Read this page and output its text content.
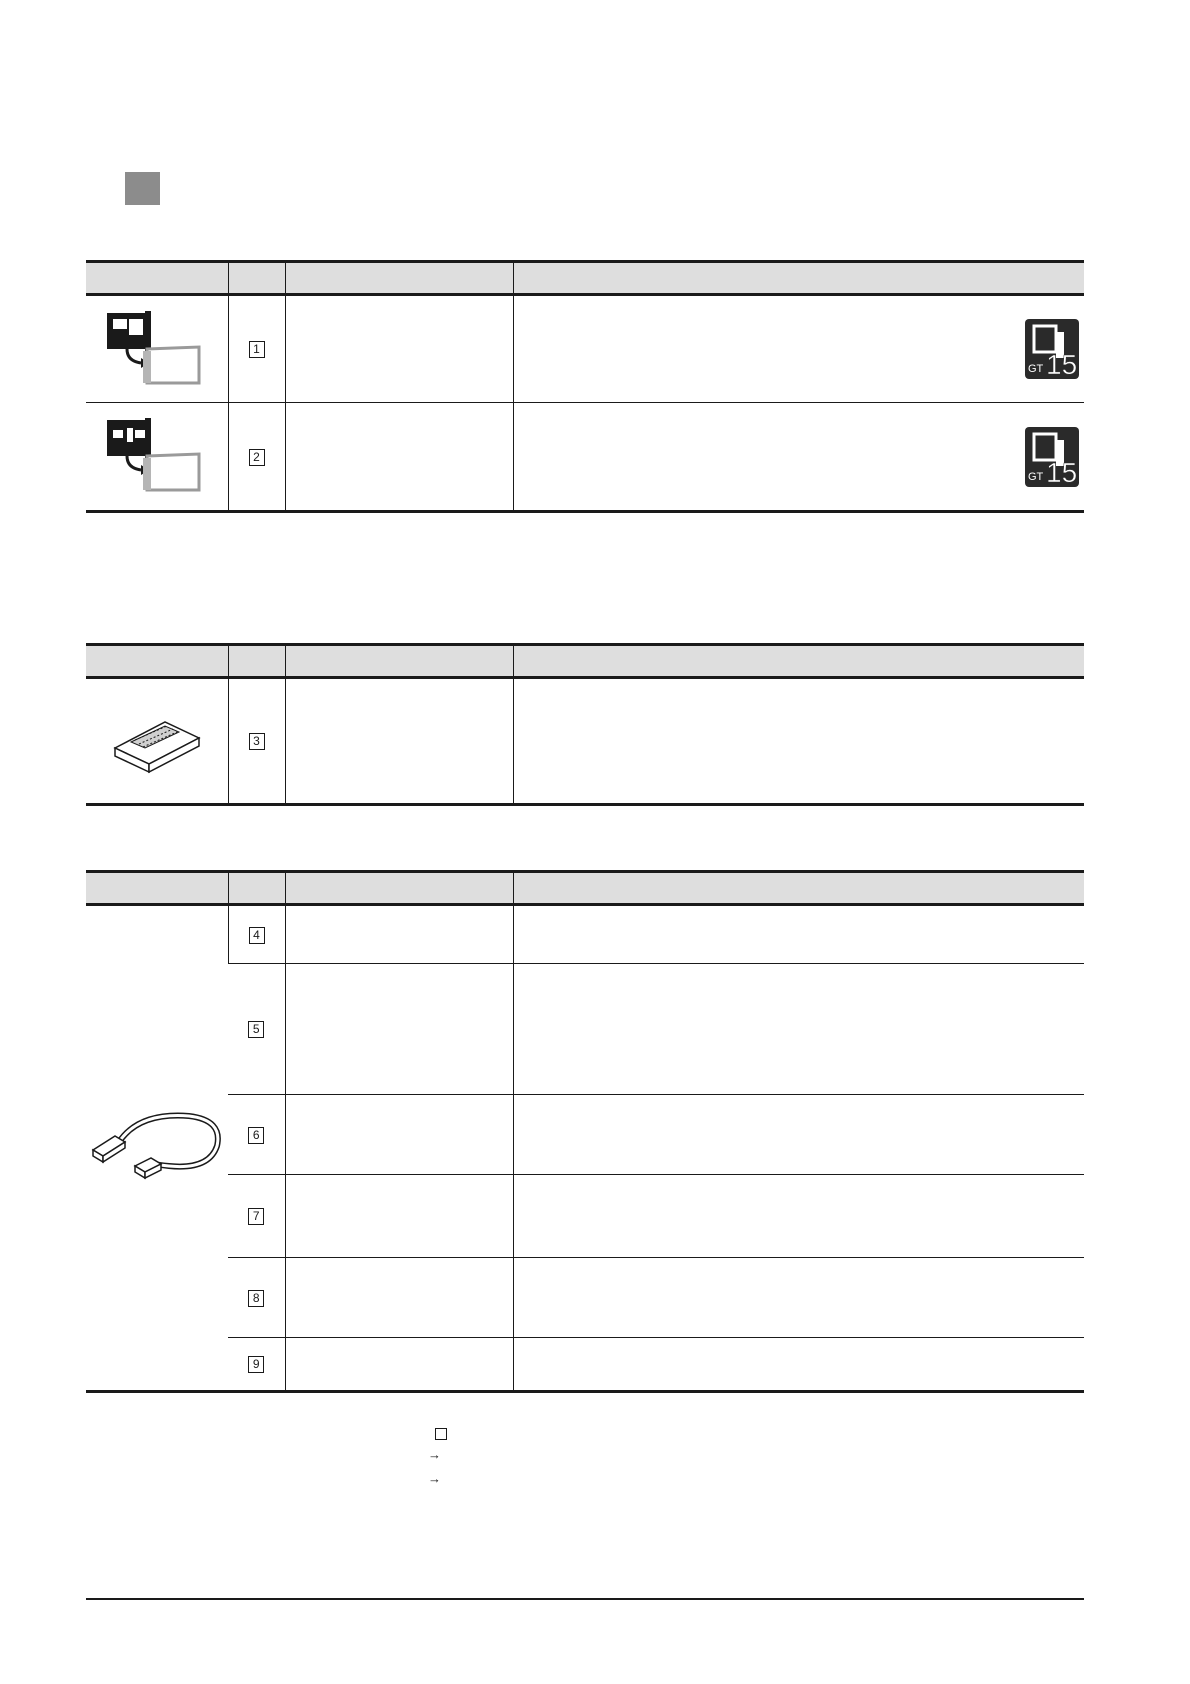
	1		GT 15

	2		GT 15

	3		

	4		
	5		
	6		
	7		
	8		
	9		
→
→
